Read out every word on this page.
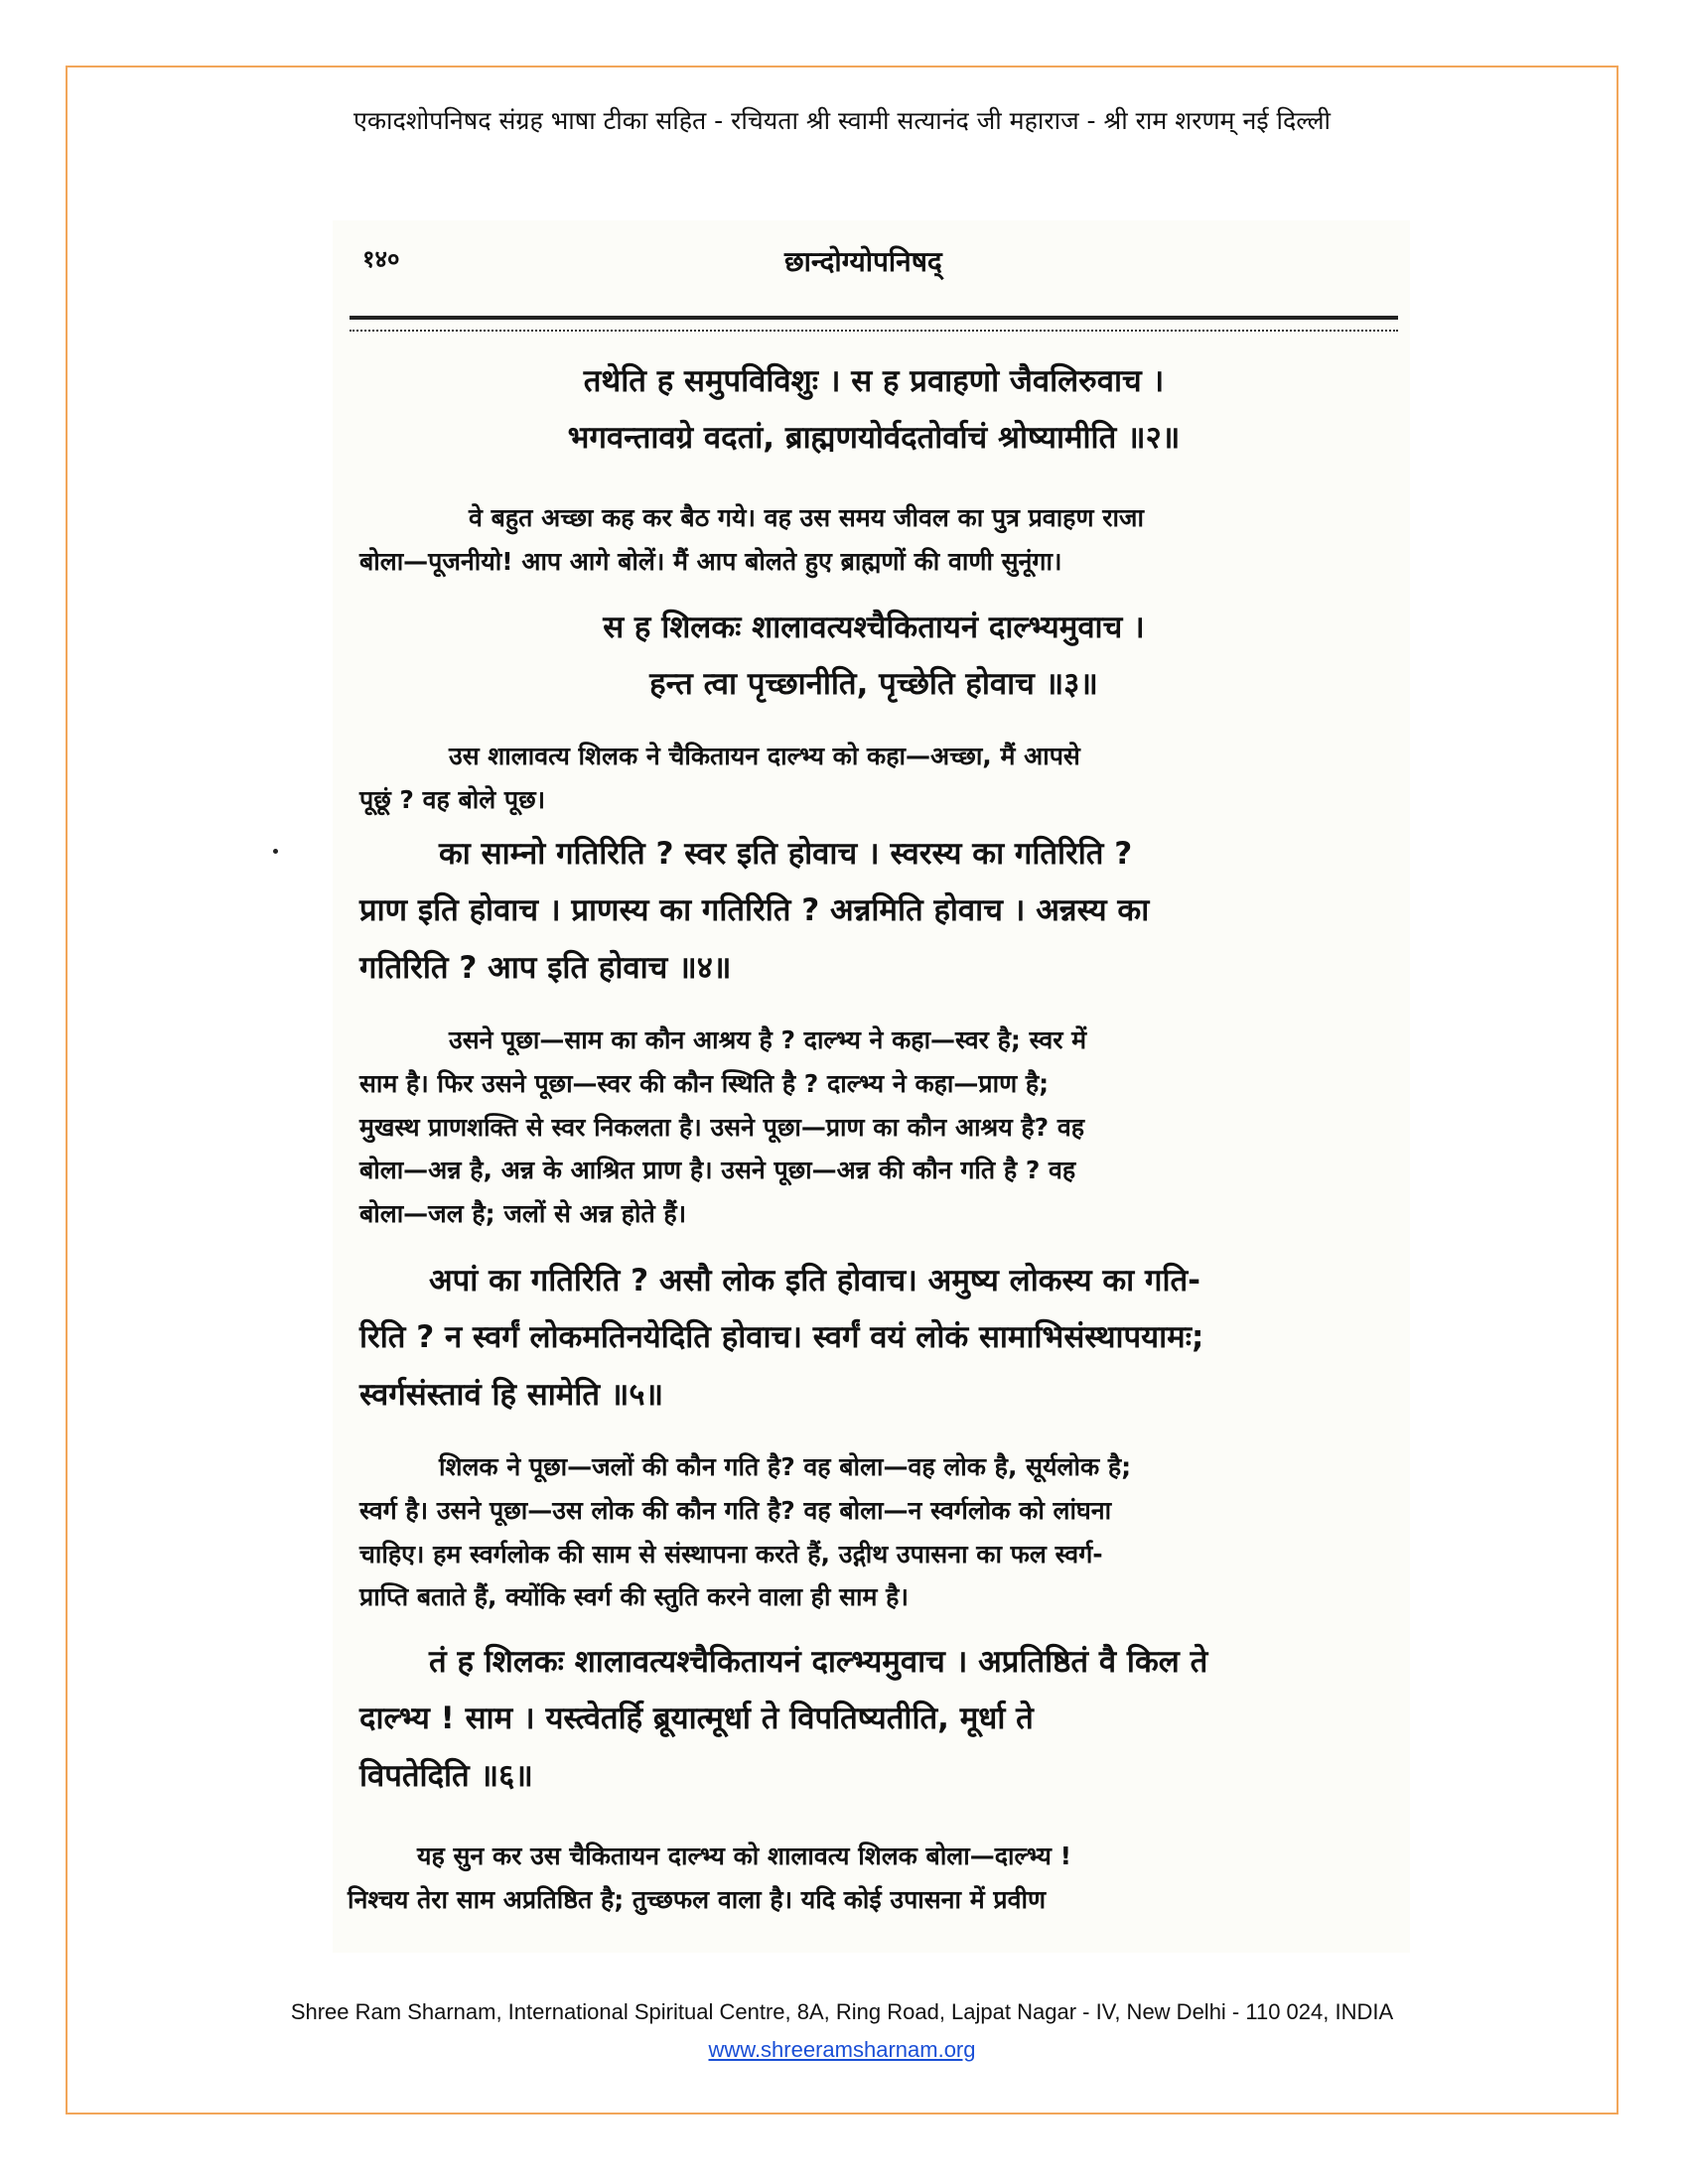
एकादशोपनिषद संग्रह भाषा टीका सहित - रचियता श्री स्वामी सत्यानंद जी महाराज - श्री राम शरणम् नई दिल्ली
१४०	छान्दोग्योपनिषद्
तथेति ह समुपविविशुः । स ह प्रवाहणो जैवलिरुवाच ।
भगवन्तावग्रे वदतां, ब्राह्मणयोर्वदतोर्वाचं श्रोष्यामीति ॥२॥
वे बहुत अच्छा कह कर बैठ गये। वह उस समय जीवल का पुत्र प्रवाहण राजा
बोला—पूजनीयो! आप आगे बोलें। मैं आप बोलते हुए ब्राह्मणों की वाणी सुनूंगा।
स ह शिलकः शालावत्यश्चैकितायनं दाल्भ्यमुवाच ।
हन्त त्वा पृच्छानीति, पृच्छेति होवाच ॥३॥
उस शालावत्य शिलक ने चैकितायन दाल्भ्य को कहा—अच्छा, मैं आपसे
पूछूं ? वह बोले पूछ।
का साम्नो गतिरिति ? स्वर इति होवाच । स्वरस्य का गतिरिति ?
प्राण इति होवाच । प्राणस्य का गतिरिति ? अन्नमिति होवाच । अन्नस्य का
गतिरिति ? आप इति होवाच ॥४॥
उसने पूछा—साम का कौन आश्रय है ? दाल्भ्य ने कहा—स्वर है; स्वर में
साम है। फिर उसने पूछा—स्वर की कौन स्थिति है ? दाल्भ्य ने कहा—प्राण है;
मुखस्थ प्राणशक्ति से स्वर निकलता है। उसने पूछा—प्राण का कौन आश्रय है? वह
बोला—अन्न है, अन्न के आश्रित प्राण है। उसने पूछा—अन्न की कौन गति है ? वह
बोला—जल है; जलों से अन्न होते हैं।
अपां का गतिरिति ? असौ लोक इति होवाच। अमुष्य लोकस्य का गति-
रिति ? न स्वर्गं लोकमतिनयेदिति होवाच। स्वर्गं वयं लोकं सामाभिसंस्थापयामः;
स्वर्गसंस्तावं हि सामेति ॥५॥
शिलक ने पूछा—जलों की कौन गति है? वह बोला—वह लोक है, सूर्यलोक है;
स्वर्ग है। उसने पूछा—उस लोक की कौन गति है? वह बोला—न स्वर्गलोक को लांघना
चाहिए। हम स्वर्गलोक की साम से संस्थापना करते हैं, उद्गीथ उपासना का फल स्वर्ग-
प्राप्ति बताते हैं, क्योंकि स्वर्ग की स्तुति करने वाला ही साम है।
तं ह शिलकः शालावत्यश्चैकितायनं दाल्भ्यमुवाच । अप्रतिष्ठितं वै किल ते
दाल्भ्य ! साम । यस्त्वेतर्हि ब्रूयात्मूर्धा ते विपतिष्यतीति, मूर्धा ते
विपतेदिति ॥६॥
यह सुन कर उस चैकितायन दाल्भ्य को शालावत्य शिलक बोला—दाल्भ्य !
निश्चय तेरा साम अप्रतिष्ठित है; तुच्छफल वाला है। यदि कोई उपासना में प्रवीण
Shree Ram Sharnam, International Spiritual Centre, 8A, Ring Road, Lajpat Nagar - IV, New Delhi - 110 024, INDIA
www.shreeramsharnam.org
